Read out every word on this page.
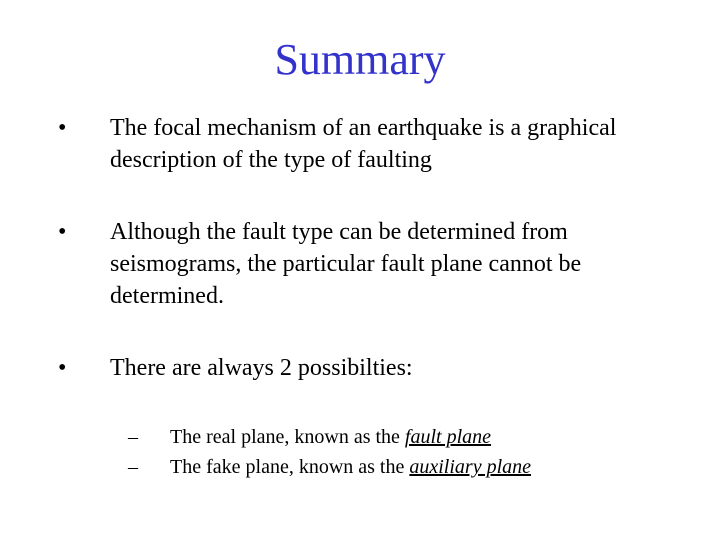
Summary
• The focal mechanism of an earthquake is a graphical description of the type of faulting
• Although the fault type can be determined from seismograms, the particular fault plane cannot be determined.
• There are always 2 possibilties:
– The real plane, known as the fault plane
– The fake plane, known as the auxiliary plane
